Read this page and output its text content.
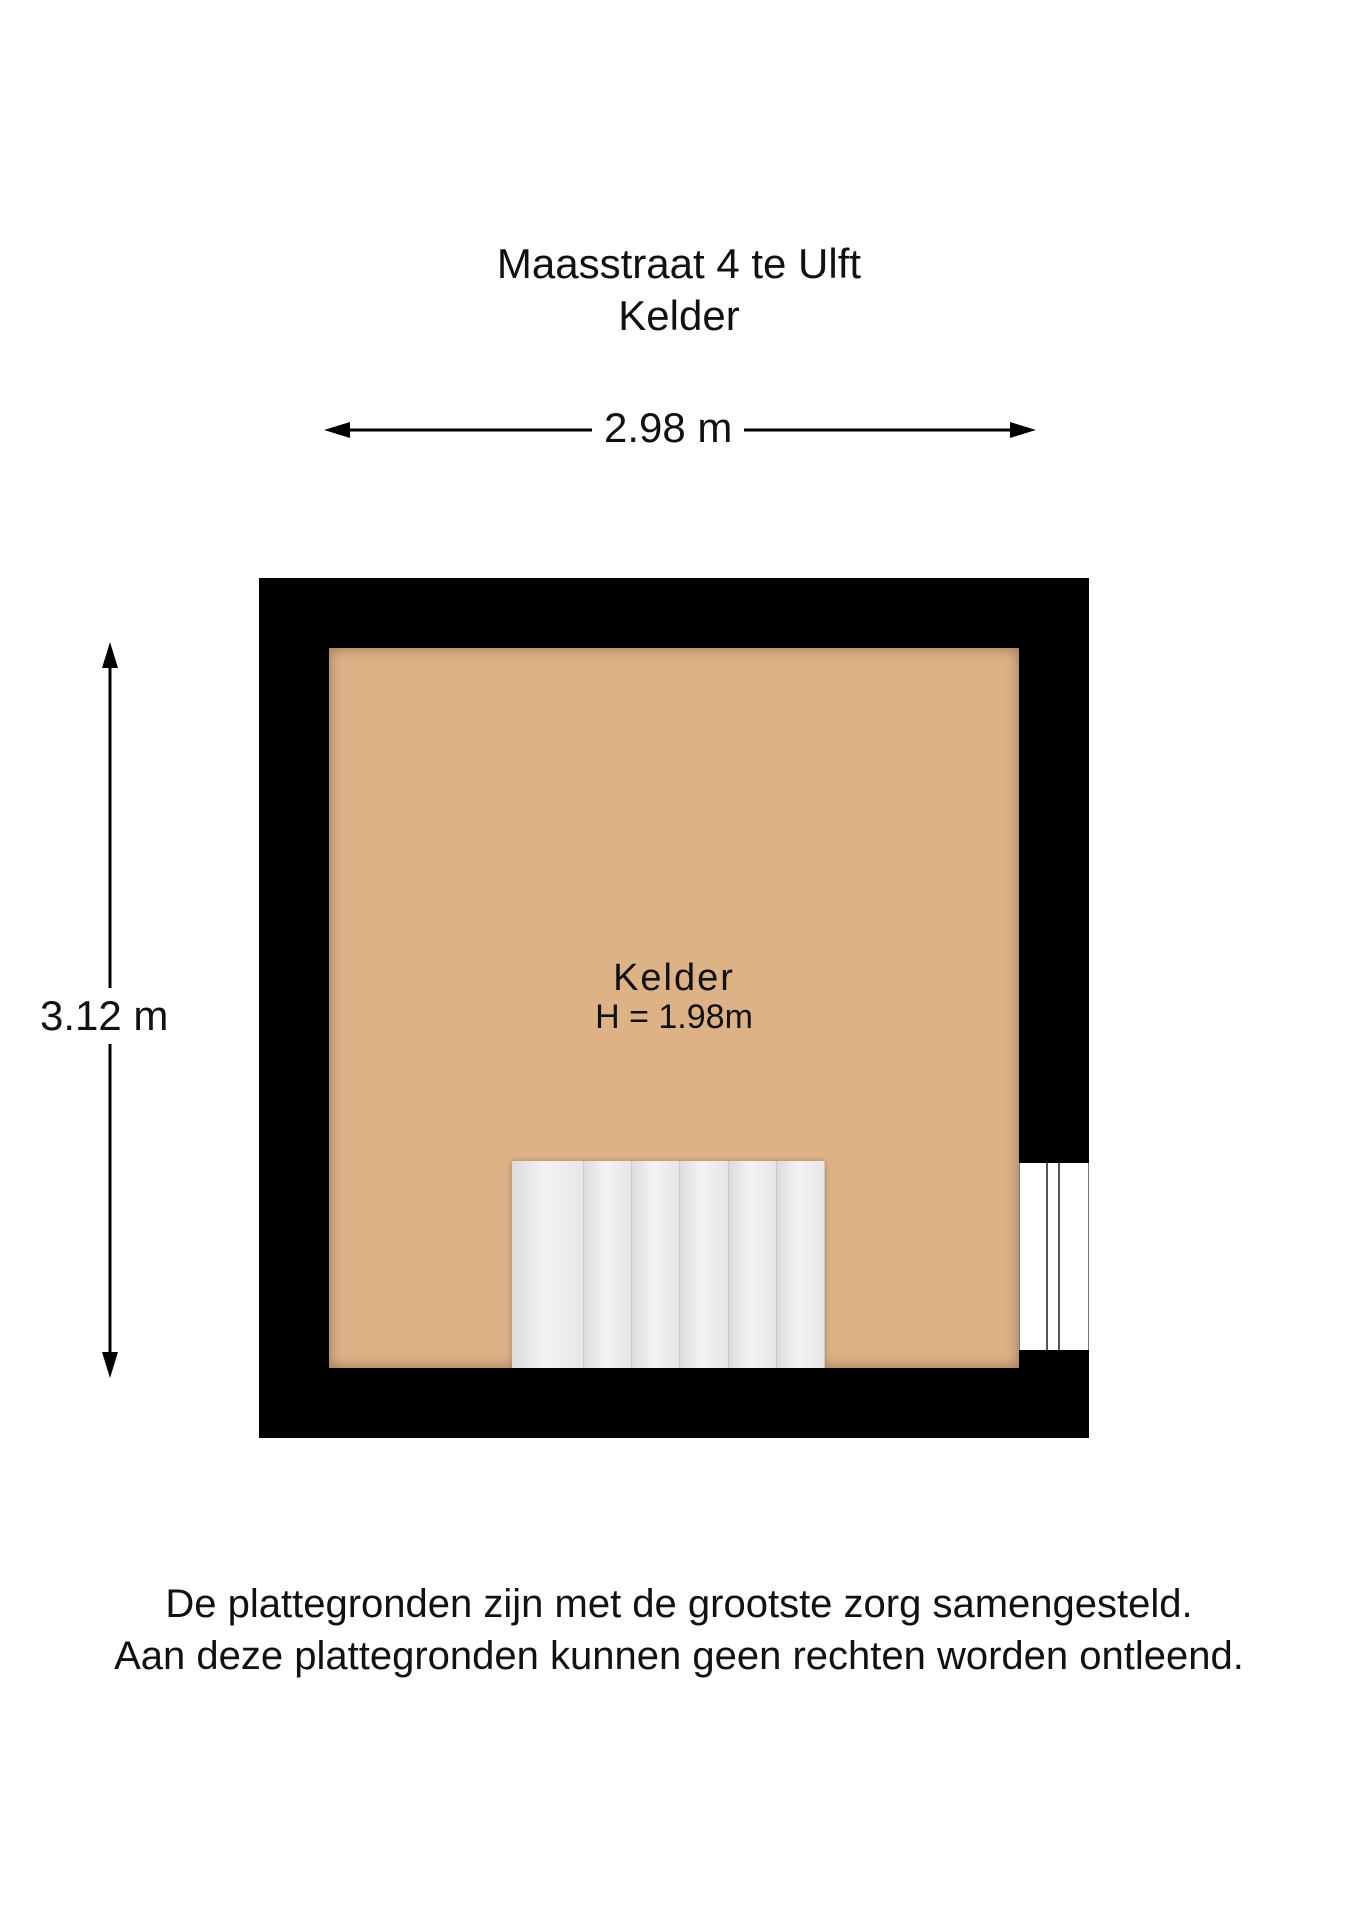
Maasstraat 4 te Ulft
Kelder
2.98 m
3.12 m
Kelder
H = 1.98m
De plattegronden zijn met de grootste zorg samengesteld.
Aan deze plattegronden kunnen geen rechten worden ontleend.
